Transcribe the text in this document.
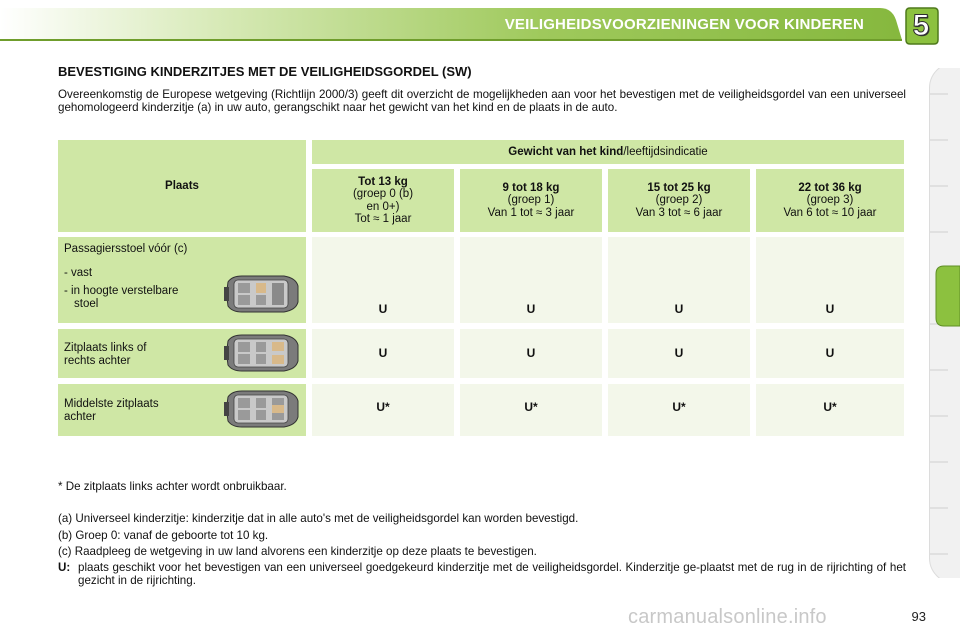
VEILIGHEIDSVOORZIENINGEN VOOR KINDEREN 5
BEVESTIGING KINDERZITJES MET DE VEILIGHEIDSGORDEL (SW)
Overeenkomstig de Europese wetgeving (Richtlijn 2000/3) geeft dit overzicht de mogelijkheden aan voor het bevestigen met de veiligheidsgordel van een universeel gehomologeerd kinderzitje (a) in uw auto, gerangschikt naar het gewicht van het kind en de plaats in de auto.
Plaats
Gewicht van het kind /leeftijdsindicatie
Tot 13 kg
(groep 0 (b)
en 0+)
Tot ≈ 1 jaar
9 tot 18 kg
(groep 1)
Van 1 tot ≈ 3 jaar
15 tot 25 kg
(groep 2)
Van 3 tot ≈ 6 jaar
22 tot 36 kg
(groep 3)
Van 6 tot ≈ 10 jaar
Passagiersstoel vóór (c)
- vast
- in hoogte verstelbare
stoel	U	U	U	U
Zitplaats links of
rechts achter
U	U	U	U
Middelste zitplaats
achter
U*	U*	U*	U*
* De zitplaats links achter wordt onbruikbaar.
(a) Universeel kinderzitje: kinderzitje dat in alle auto's met de veiligheidsgordel kan worden bevestigd.
(b) Groep 0: vanaf de geboorte tot 10 kg.
(c) Raadpleeg de wetgeving in uw land alvorens een kinderzitje op deze plaats te bevestigen.
U: plaats geschikt voor het bevestigen van een universeel goedgekeurd kinderzitje met de veiligheidsgordel. Kinderzitje ge-plaatst met de rug in de rijrichting of het gezicht in de rijrichting.
carmanualsonline.info	93
